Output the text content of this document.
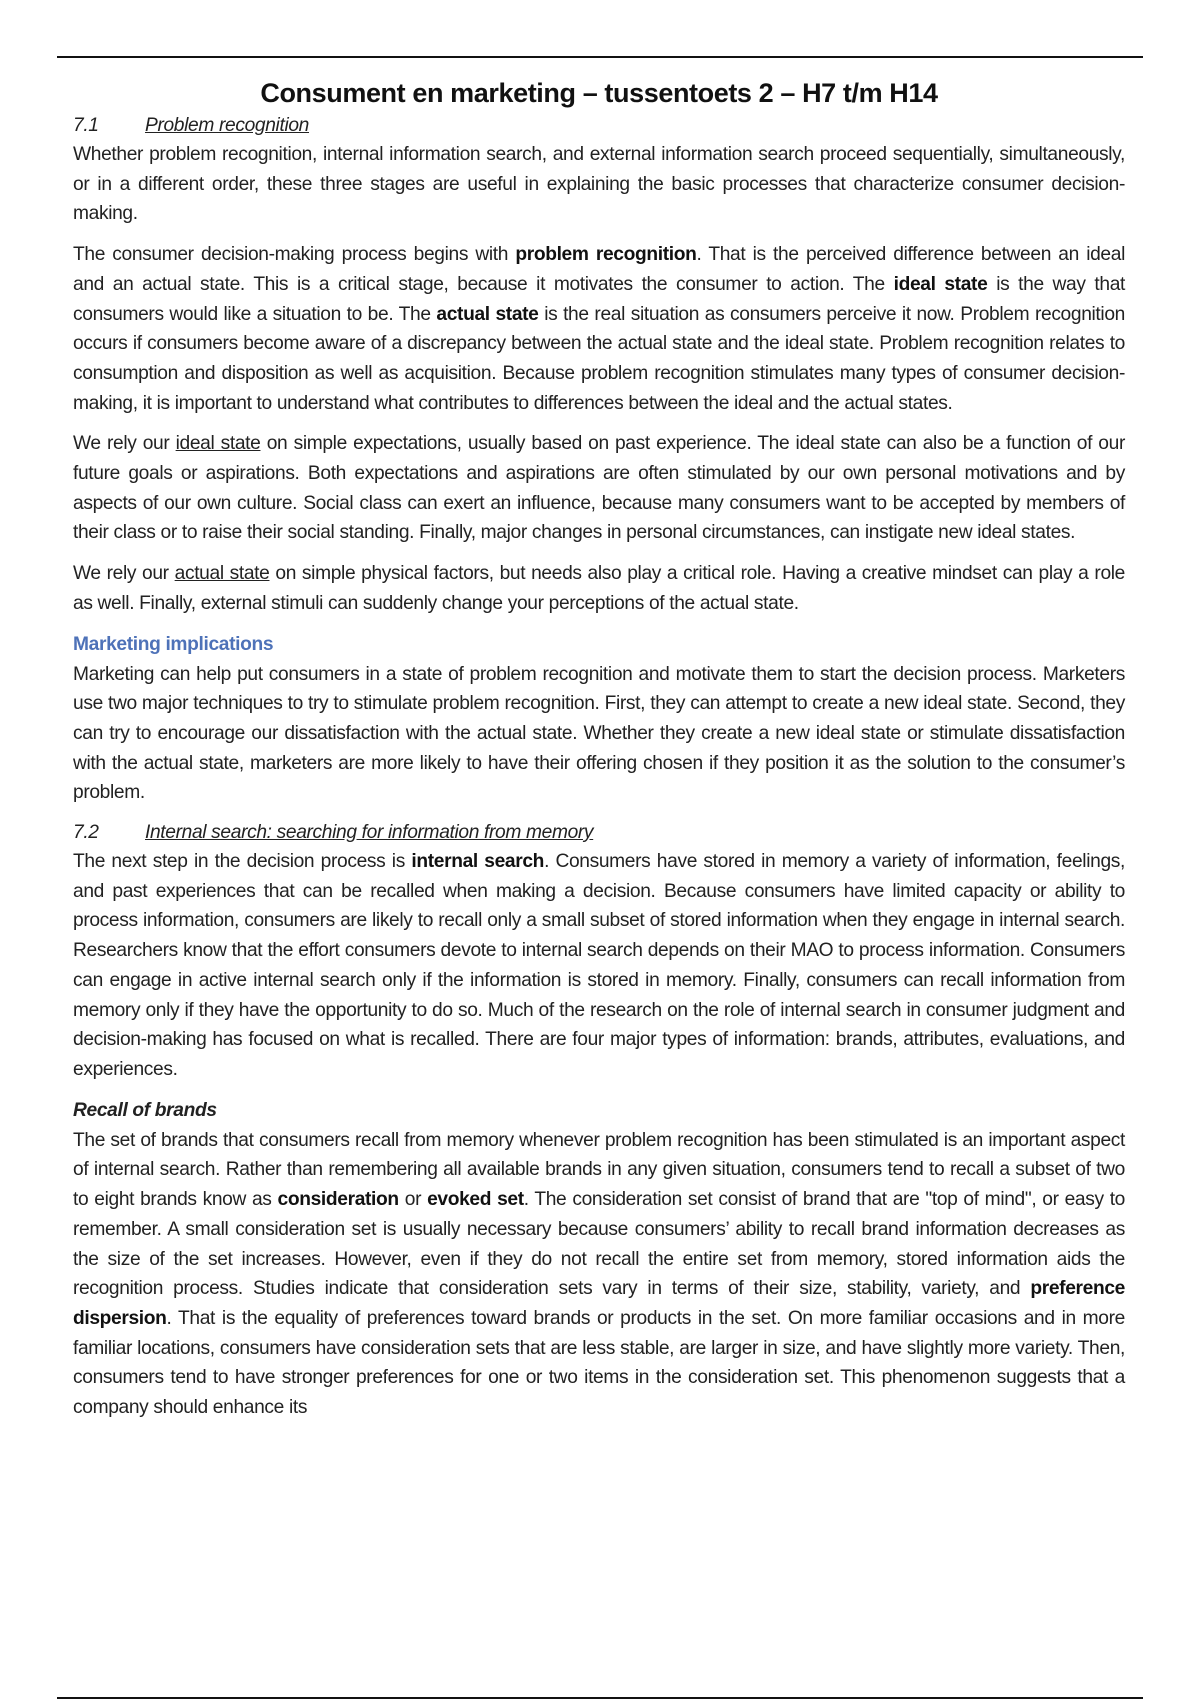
Consument en marketing – tussentoets 2 – H7 t/m H14
7.1 Problem recognition

Whether problem recognition, internal information search, and external information search proceed sequentially, simultaneously, or in a different order, these three stages are useful in explaining the basic processes that characterize consumer decision-making.

The consumer decision-making process begins with problem recognition. That is the perceived difference between an ideal and an actual state. This is a critical stage, because it motivates the consumer to action. The ideal state is the way that consumers would like a situation to be. The actual state is the real situation as consumers perceive it now. Problem recognition occurs if consumers become aware of a discrepancy between the actual state and the ideal state. Problem recognition relates to consumption and disposition as well as acquisition. Because problem recognition stimulates many types of consumer decision-making, it is important to understand what contributes to differences between the ideal and the actual states.

We rely our ideal state on simple expectations, usually based on past experience. The ideal state can also be a function of our future goals or aspirations. Both expectations and aspirations are often stimulated by our own personal motivations and by aspects of our own culture. Social class can exert an influence, because many consumers want to be accepted by members of their class or to raise their social standing. Finally, major changes in personal circumstances, can instigate new ideal states.

We rely our actual state on simple physical factors, but needs also play a critical role. Having a creative mindset can play a role as well. Finally, external stimuli can suddenly change your perceptions of the actual state.

Marketing implications

Marketing can help put consumers in a state of problem recognition and motivate them to start the decision process. Marketers use two major techniques to try to stimulate problem recognition. First, they can attempt to create a new ideal state. Second, they can try to encourage our dissatisfaction with the actual state. Whether they create a new ideal state or stimulate dissatisfaction with the actual state, marketers are more likely to have their offering chosen if they position it as the solution to the consumer’s problem.

7.2 Internal search: searching for information from memory

The next step in the decision process is internal search. Consumers have stored in memory a variety of information, feelings, and past experiences that can be recalled when making a decision. Because consumers have limited capacity or ability to process information, consumers are likely to recall only a small subset of stored information when they engage in internal search. Researchers know that the effort consumers devote to internal search depends on their MAO to process information. Consumers can engage in active internal search only if the information is stored in memory. Finally, consumers can recall information from memory only if they have the opportunity to do so. Much of the research on the role of internal search in consumer judgment and decision-making has focused on what is recalled. There are four major types of information: brands, attributes, evaluations, and experiences.

Recall of brands

The set of brands that consumers recall from memory whenever problem recognition has been stimulated is an important aspect of internal search. Rather than remembering all available brands in any given situation, consumers tend to recall a subset of two to eight brands know as consideration or evoked set. The consideration set consist of brand that are "top of mind", or easy to remember. A small consideration set is usually necessary because consumers’ ability to recall brand information decreases as the size of the set increases. However, even if they do not recall the entire set from memory, stored information aids the recognition process. Studies indicate that consideration sets vary in terms of their size, stability, variety, and preference dispersion. That is the equality of preferences toward brands or products in the set. On more familiar occasions and in more familiar locations, consumers have consideration sets that are less stable, are larger in size, and have slightly more variety. Then, consumers tend to have stronger preferences for one or two items in the consideration set. This phenomenon suggests that a company should enhance its
